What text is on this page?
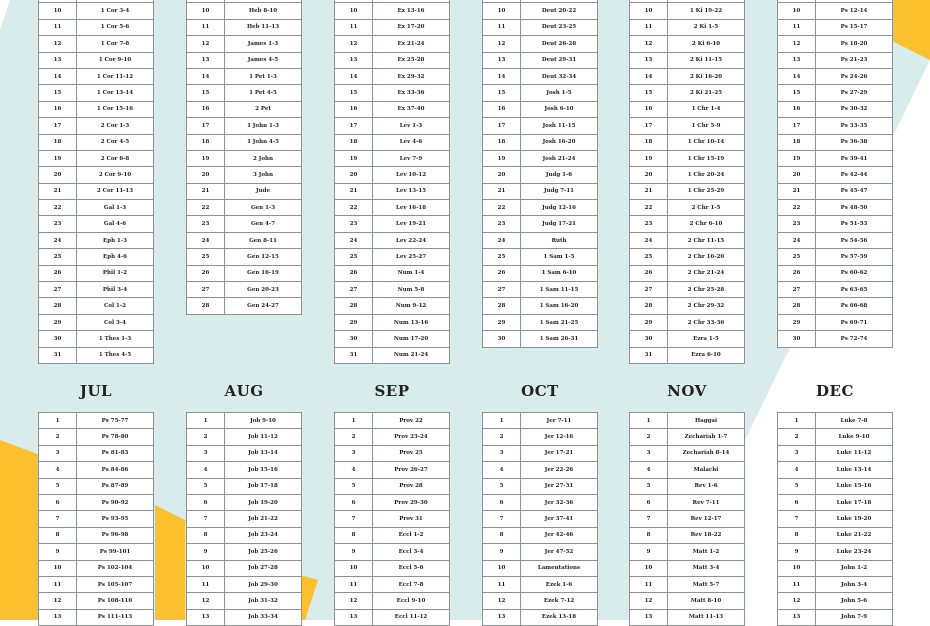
10	1 Cor 3-4
11	1 Cor 5-6
12	1 Cor 7-8
13	1 Cor 9-10
14	1 Cor 11-12
15	1 Cor 13-14
16	1 Cor 15-16
17	2 Cor 1-3
18	2 Cor 4-5
19	2 Cor 6-8
20	2 Cor 9-10
21	2 Cor 11-13
22	Gal 1-3
23	Gal 4-6
24	Eph 1-3
25	Eph 4-6
26	Phil 1-2
27	Phil 3-4
28	Col 1-2
29	Col 3-4
30	1 Thes 1-3
31	1 Thes 4-5

10	Heb 8-10
11	Heb 11-13
12	James 1-3
13	James 4-5
14	1 Pet 1-3
15	1 Pet 4-5
16	2 Pet
17	1 John 1-3
18	1 John 4-5
19	2 John
20	3 John
21	Jude
22	Gen 1-3
23	Gen 4-7
24	Gen 8-11
25	Gen 12-15
26	Gen 16-19
27	Gen 20-23
28	Gen 24-27

10	Ex 13-16
11	Ex 17-20
12	Ex 21-24
13	Ex 25-28
14	Ex 29-32
15	Ex 33-36
16	Ex 37-40
17	Lev 1-3
18	Lev 4-6
19	Lev 7-9
20	Lev 10-12
21	Lev 13-15
22	Lev 16-18
23	Lev 19-21
24	Lev 22-24
25	Lev 25-27
26	Num 1-4
27	Num 5-8
28	Num 9-12
29	Num 13-16
30	Num 17-20
31	Num 21-24

10	Deut 20-22
11	Deut 23-25
12	Deut 26-28
13	Deut 29-31
14	Deut 32-34
15	Josh 1-5
16	Josh 6-10
17	Josh 11-15
18	Josh 16-20
19	Josh 21-24
20	Judg 1-6
21	Judg 7-11
22	Judg 12-16
23	Judg 17-21
24	Ruth
25	1 Sam 1-5
26	1 Sam 6-10
27	1 Sam 11-15
28	1 Sam 16-20
29	1 Sam 21-25
30	1 Sam 26-31

10	1 Ki 19-22
11	2 Ki 1-5
12	2 Ki 6-10
13	2 Ki 11-15
14	2 Ki 16-20
15	2 Ki 21-25
16	1 Chr 1-4
17	1 Chr 5-9
18	1 Chr 10-14
19	1 Chr 15-19
20	1 Chr 20-24
21	1 Chr 25-29
22	2 Chr 1-5
23	2 Chr 6-10
24	2 Chr 11-15
25	2 Chr 16-20
26	2 Chr 21-24
27	2 Chr 25-28
28	2 Chr 29-32
29	2 Chr 33-36
30	Ezra 1-5
31	Ezra 6-10

10	Ps 12-14
11	Ps 15-17
12	Ps 18-20
13	Ps 21-23
14	Ps 24-26
15	Ps 27-29
16	Ps 30-32
17	Ps 33-35
18	Ps 36-38
19	Ps 39-41
20	Ps 42-44
21	Ps 45-47
22	Ps 48-50
23	Ps 51-53
24	Ps 54-56
25	Ps 57-59
26	Ps 60-62
27	Ps 63-65
28	Ps 66-68
29	Ps 69-71
30	Ps 72-74
JUL
1	Ps 75-77
2	Ps 78-80
3	Ps 81-83
4	Ps 84-86
5	Ps 87-89
6	Ps 90-92
7	Ps 93-95
8	Ps 96-98
9	Ps 99-101
10	Ps 102-104
11	Ps 105-107
12	Ps 108-110
13	Ps 111-113
AUG
1	Job 9-10
2	Job 11-12
3	Job 13-14
4	Job 15-16
5	Job 17-18
6	Job 19-20
7	Job 21-22
8	Job 23-24
9	Job 25-26
10	Job 27-28
11	Job 29-30
12	Job 31-32
13	Job 33-34
SEP
1	Prov 22
2	Prov 23-24
3	Prov 25
4	Prov 26-27
5	Prov 28
6	Prov 29-30
7	Prov 31
8	Eccl 1-2
9	Eccl 3-4
10	Eccl 5-6
11	Eccl 7-8
12	Eccl 9-10
13	Eccl 11-12
OCT
1	Jer 7-11
2	Jer 12-16
3	Jer 17-21
4	Jer 22-26
5	Jer 27-31
6	Jer 32-36
7	Jer 37-41
8	Jer 42-46
9	Jer 47-52
10	Lamentations
11	Ezek 1-6
12	Ezek 7-12
13	Ezek 13-18
NOV
1	Haggai
2	Zechariah 1-7
3	Zechariah 8-14
4	Malachi
5	Rev 1-6
6	Rev 7-11
7	Rev 12-17
8	Rev 18-22
9	Matt 1-2
10	Matt 3-4
11	Matt 5-7
12	Matt 8-10
13	Matt 11-13
DEC
1	Luke 7-8
2	Luke 9-10
3	Luke 11-12
4	Luke 13-14
5	Luke 15-16
6	Luke 17-18
7	Luke 19-20
8	Luke 21-22
9	Luke 23-24
10	John 1-2
11	John 3-4
12	John 5-6
13	John 7-9
